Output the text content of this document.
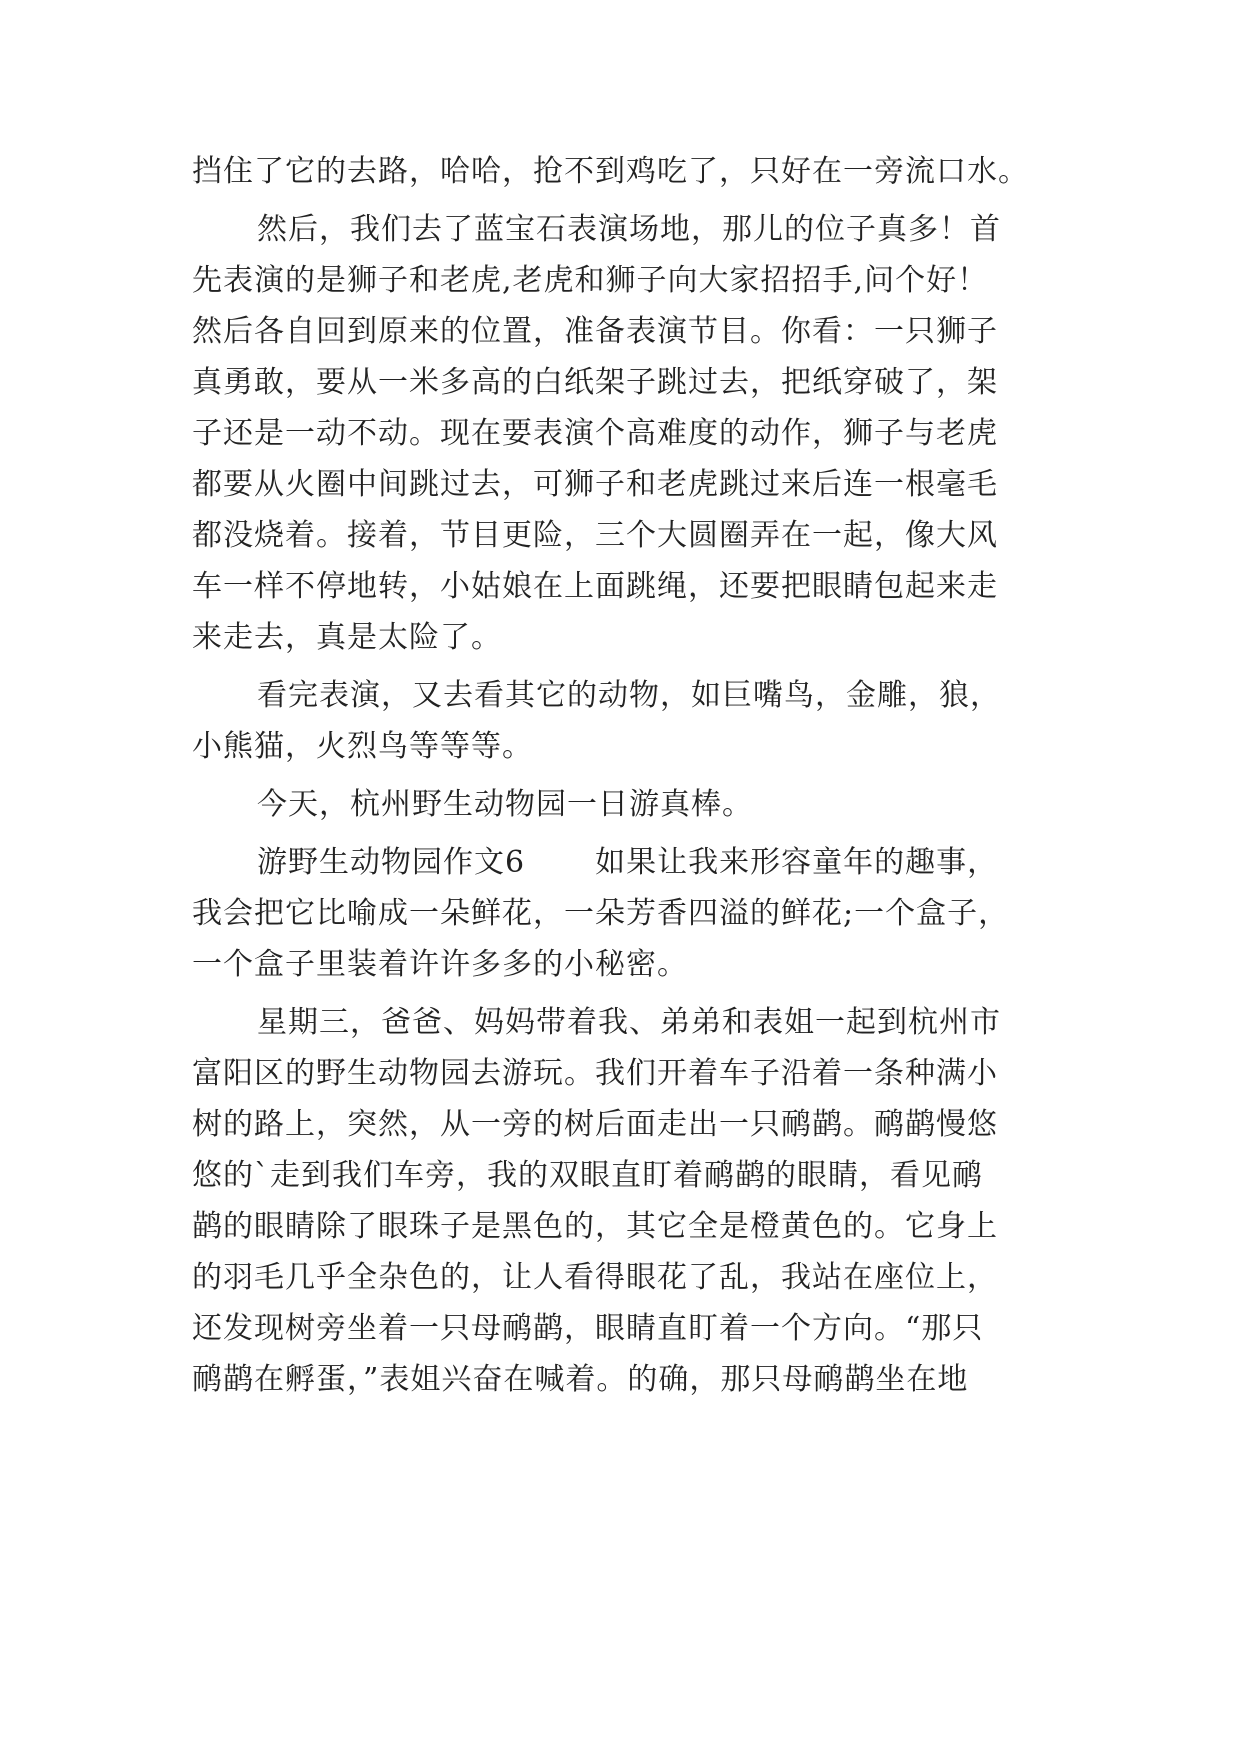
挡住了它的去路，哈哈，抢不到鸡吃了，只好在一旁流口水。
然后，我们去了蓝宝石表演场地，那儿的位子真多！首
先表演的是狮子和老虎,老虎和狮子向大家招招手,问个好！
然后各自回到原来的位置，准备表演节目。你看：一只狮子
真勇敢，要从一米多高的白纸架子跳过去，把纸穿破了，架
子还是一动不动。现在要表演个高难度的动作，狮子与老虎
都要从火圈中间跳过去，可狮子和老虎跳过来后连一根毫毛
都没烧着。接着，节目更险，三个大圆圈弄在一起，像大风
车一样不停地转，小姑娘在上面跳绳，还要把眼睛包起来走
来走去，真是太险了。
看完表演，又去看其它的动物，如巨嘴鸟，金雕，狼，
小熊猫，火烈鸟等等等。
今天，杭州野生动物园一日游真棒。
游野生动物园作文6 如果让我来形容童年的趣事，
我会把它比喻成一朵鲜花，一朵芳香四溢的鲜花;一个盒子，
一个盒子里装着许许多多的小秘密。
星期三，爸爸、妈妈带着我、弟弟和表姐一起到杭州市
富阳区的野生动物园去游玩。我们开着车子沿着一条种满小
树的路上，突然，从一旁的树后面走出一只鸸鹋。鸸鹋慢悠
悠的`走到我们车旁，我的双眼直盯着鸸鹋的眼睛，看见鸸
鹋的眼睛除了眼珠子是黑色的，其它全是橙黄色的。它身上
的羽毛几乎全杂色的，让人看得眼花了乱，我站在座位上，
还发现树旁坐着一只母鸸鹋，眼睛直盯着一个方向。“那只
鸸鹋在孵蛋，”表姐兴奋在喊着。的确，那只母鸸鹋坐在地
